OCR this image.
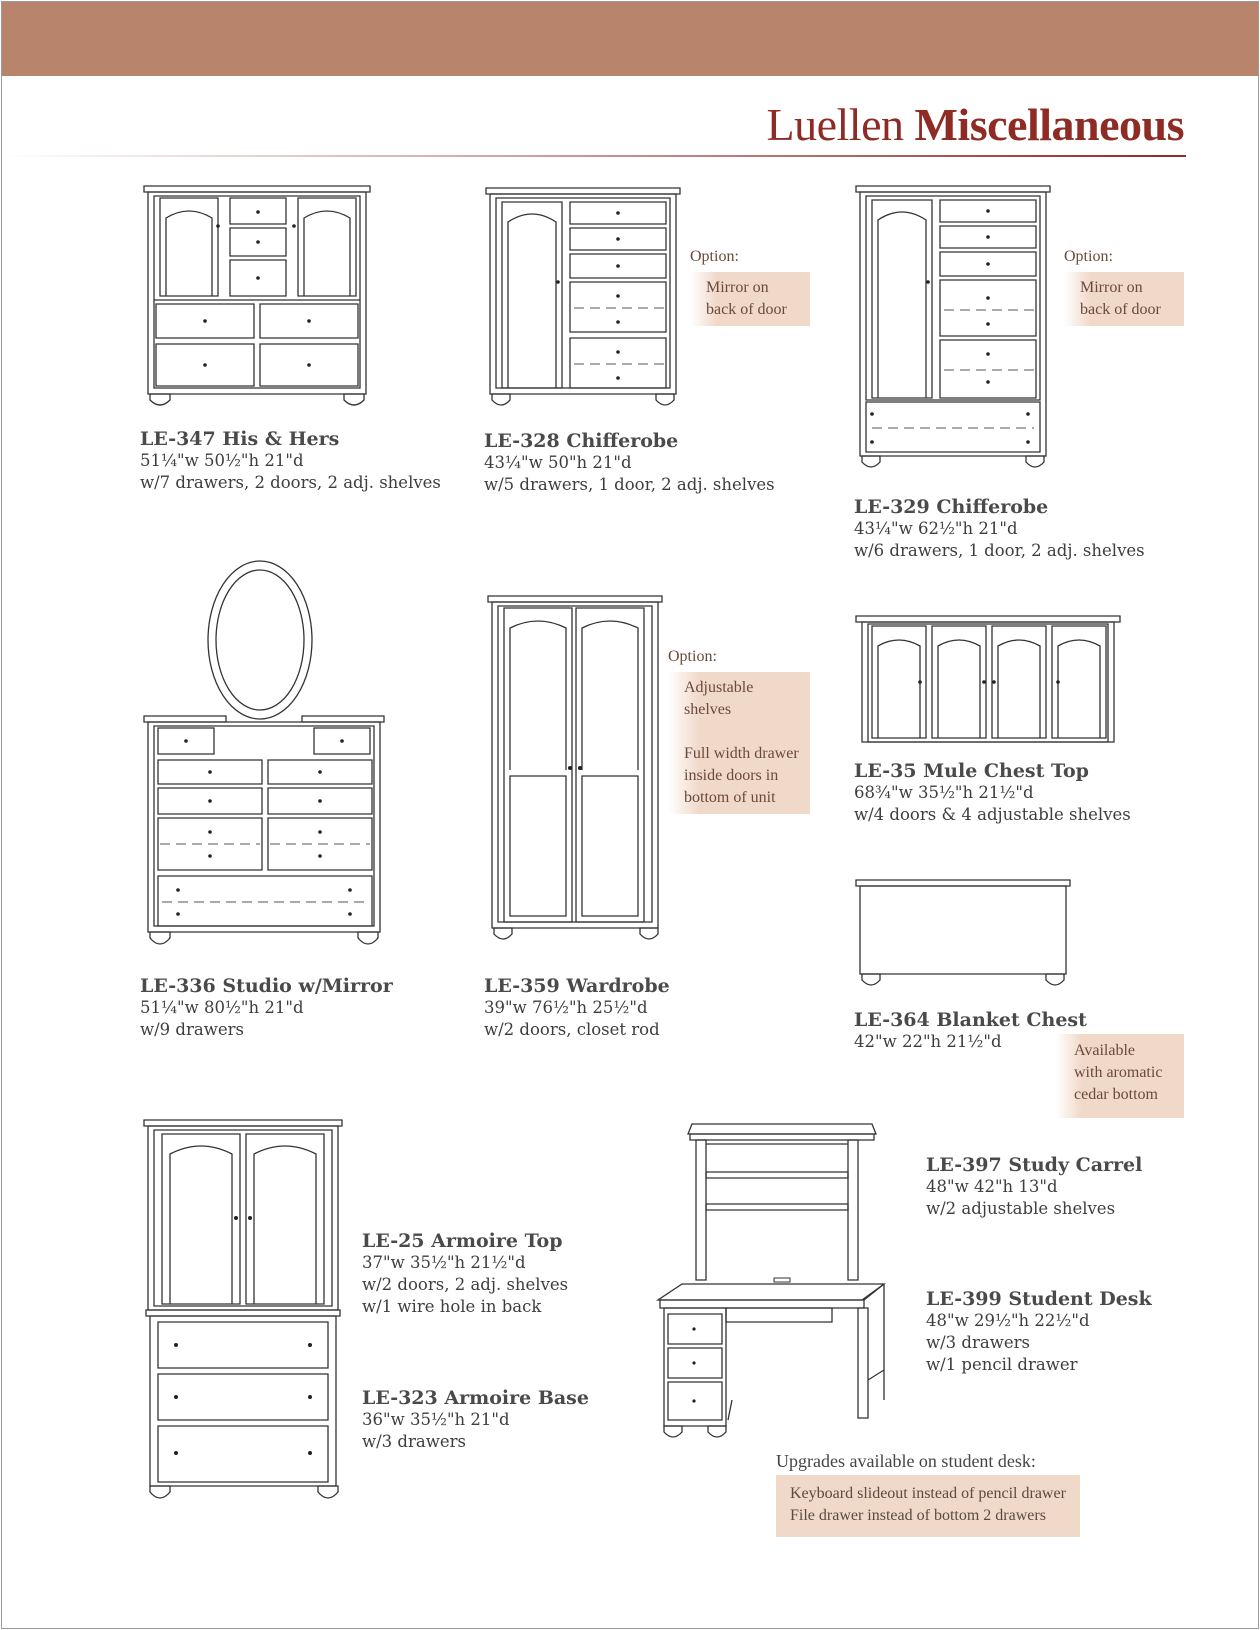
Luellen Miscellaneous
LE-347 His & Hers
51¼"w 50½"h 21"d
w/7 drawers, 2 doors, 2 adj. shelves
LE-328 Chifferobe
43¼"w 50"h 21"d
w/5 drawers, 1 door, 2 adj. shelves
LE-329 Chifferobe
43¼"w 62½"h 21"d
w/6 drawers, 1 door, 2 adj. shelves
LE-336 Studio w/Mirror
51¼"w 80½"h 21"d
w/9 drawers
LE-359 Wardrobe
39"w 76½"h 25½"d
w/2 doors, closet rod
LE-35 Mule Chest Top
68¾"w 35½"h 21½"d
w/4 doors & 4 adjustable shelves
LE-364 Blanket Chest
42"w 22"h 21½"d
LE-25 Armoire Top
37"w 35½"h 21½"d
w/2 doors, 2 adj. shelves
w/1 wire hole in back
LE-323 Armoire Base
36"w 35½"h 21"d
w/3 drawers
LE-397 Study Carrel
48"w 42"h 13"d
w/2 adjustable shelves
LE-399 Student Desk
48"w 29½"h 22½"d
w/3 drawers
w/1 pencil drawer
Option:
Mirror on
back of door
Option:
Mirror on
back of door
Option:
Adjustable shelves
Full width drawer
inside doors in
bottom of unit
Available
with aromatic
cedar bottom
Upgrades available on student desk:
Keyboard slideout instead of pencil drawer
File drawer instead of bottom 2 drawers
